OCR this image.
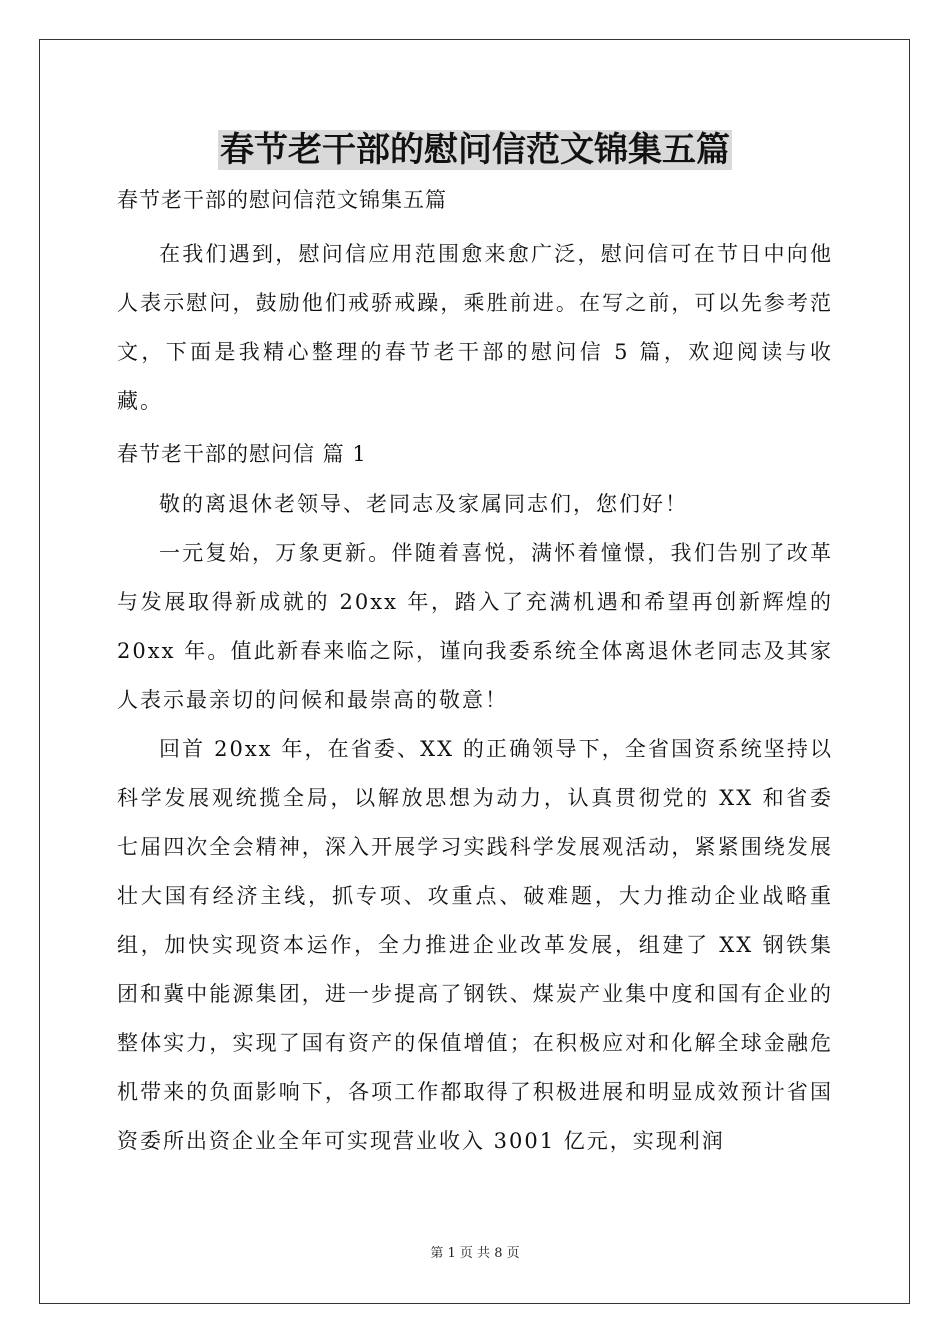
春节老干部的慰问信范文锦集五篇

春节老干部的慰问信范文锦集五篇

在我们遇到，慰问信应用范围愈来愈广泛，慰问信可在节日中向他人表示慰问，鼓励他们戒骄戒躁，乘胜前进。在写之前，可以先参考范文，下面是我精心整理的春节老干部的慰问信 5 篇，欢迎阅读与收藏。

春节老干部的慰问信 篇 1

敬的离退休老领导、老同志及家属同志们，您们好！

一元复始，万象更新。伴随着喜悦，满怀着憧憬，我们告别了改革与发展取得新成就的 20xx 年，踏入了充满机遇和希望再创新辉煌的 20xx 年。值此新春来临之际，谨向我委系统全体离退休老同志及其家人表示最亲切的问候和最崇高的敬意！

回首 20xx 年，在省委、XX 的正确领导下，全省国资系统坚持以科学发展观统揽全局，以解放思想为动力，认真贯彻党的 XX 和省委七届四次全会精神，深入开展学习实践科学发展观活动，紧紧围绕发展壮大国有经济主线，抓专项、攻重点、破难题，大力推动企业战略重组，加快实现资本运作，全力推进企业改革发展，组建了 XX 钢铁集团和冀中能源集团，进一步提高了钢铁、煤炭产业集中度和国有企业的整体实力，实现了国有资产的保值增值；在积极应对和化解全球金融危机带来的负面影响下，各项工作都取得了积极进展和明显成效预计省国资委所出资企业全年可实现营业收入 3001 亿元，实现利润

第 1 页 共 8 页
